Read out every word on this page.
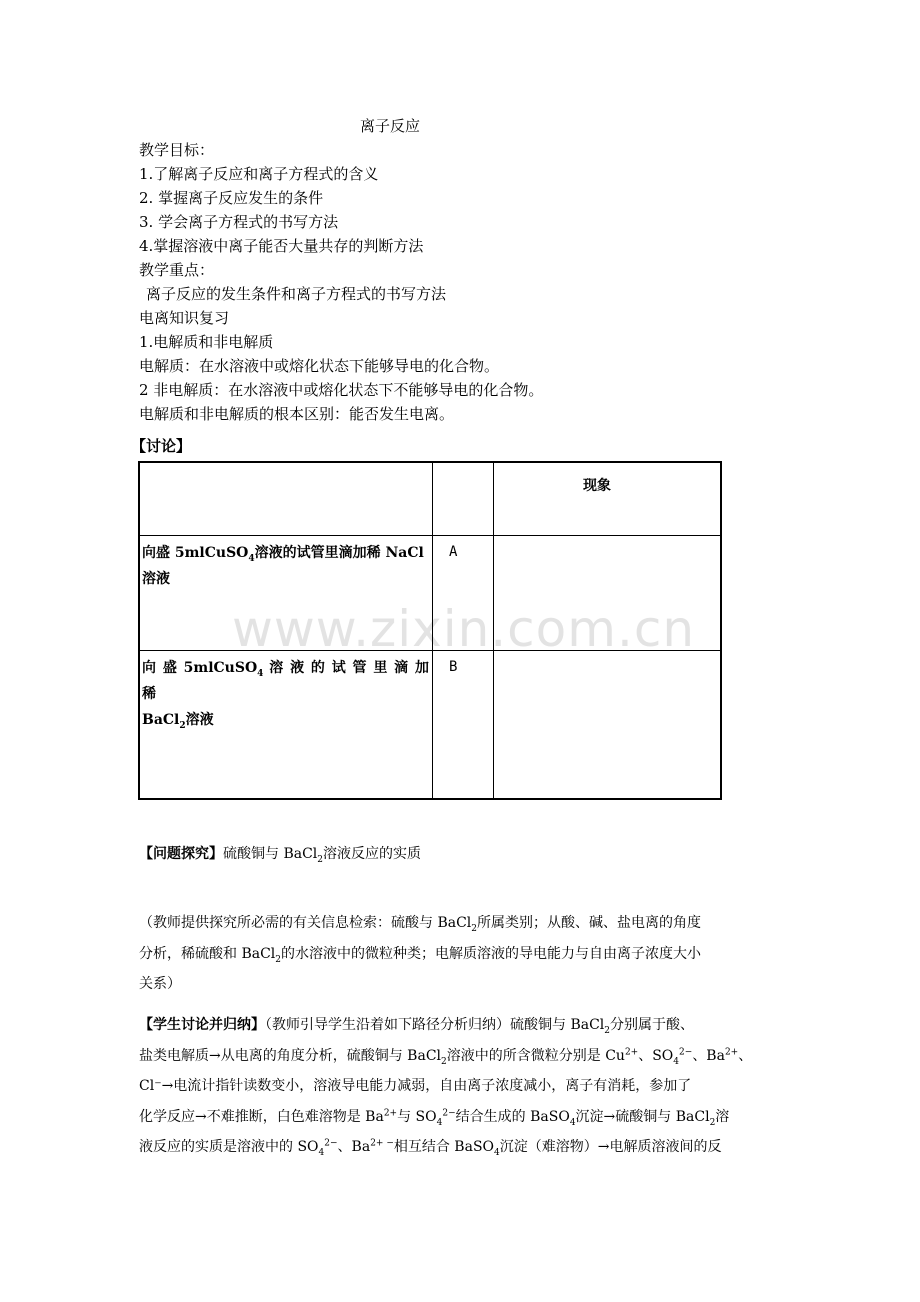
www.zixin.com.cn
离子反应
教学目标：
1.了解离子反应和离子方程式的含义
2. 掌握离子反应发生的条件
3. 学会离子方程式的书写方法
4.掌握溶液中离子能否大量共存的判断方法
教学重点：
离子反应的发生条件和离子方程式的书写方法
电离知识复习
1.电解质和非电解质
电解质：在水溶液中或熔化状态下能够导电的化合物。
2 非电解质：在水溶液中或熔化状态下不能够导电的化合物。
电解质和非电解质的根本区别：能否发生电离。
【讨论】

		现象

向盛 5mlCuSO$_4$溶液的试管里滴加稀 NaCl
溶液	A	

向 盛 5mlCuSO$_4$ 溶 液 的 试 管 里 滴 加 稀
BaCl$_2$溶液	B	

【问题探究】硫酸铜与 BaCl$_2$溶液反应的实质
（教师提供探究所必需的有关信息检索：硫酸与 BaCl$_2$所属类别；从酸、碱、盐电离的角度
分析，稀硫酸和 BaCl$_2$的水溶液中的微粒种类；电解质溶液的导电能力与自由离子浓度大小
关系）
【学生讨论并归纳】（教师引导学生沿着如下路径分析归纳）硫酸铜与 BaCl$_2$分别属于酸、
盐类电解质→从电离的角度分析，硫酸铜与 BaCl$_2$溶液中的所含微粒分别是 $Cu^{2+}$、$SO_4^{2-}$、$Ba^{2+}$、
Cl⁻→电流计指针读数变小，溶液导电能力减弱，自由离子浓度减小，离子有消耗，参加了
化学反应→不难推断，白色难溶物是 $Ba^{2+}$与 $SO_4^{2-}$结合生成的 BaSO$_4$沉淀→硫酸铜与 BaCl$_2$溶
液反应的实质是溶液中的 $SO_4^{2-}$、$Ba^{2+ -}$相互结合 BaSO$_4$沉淀（难溶物）→电解质溶液间的反
